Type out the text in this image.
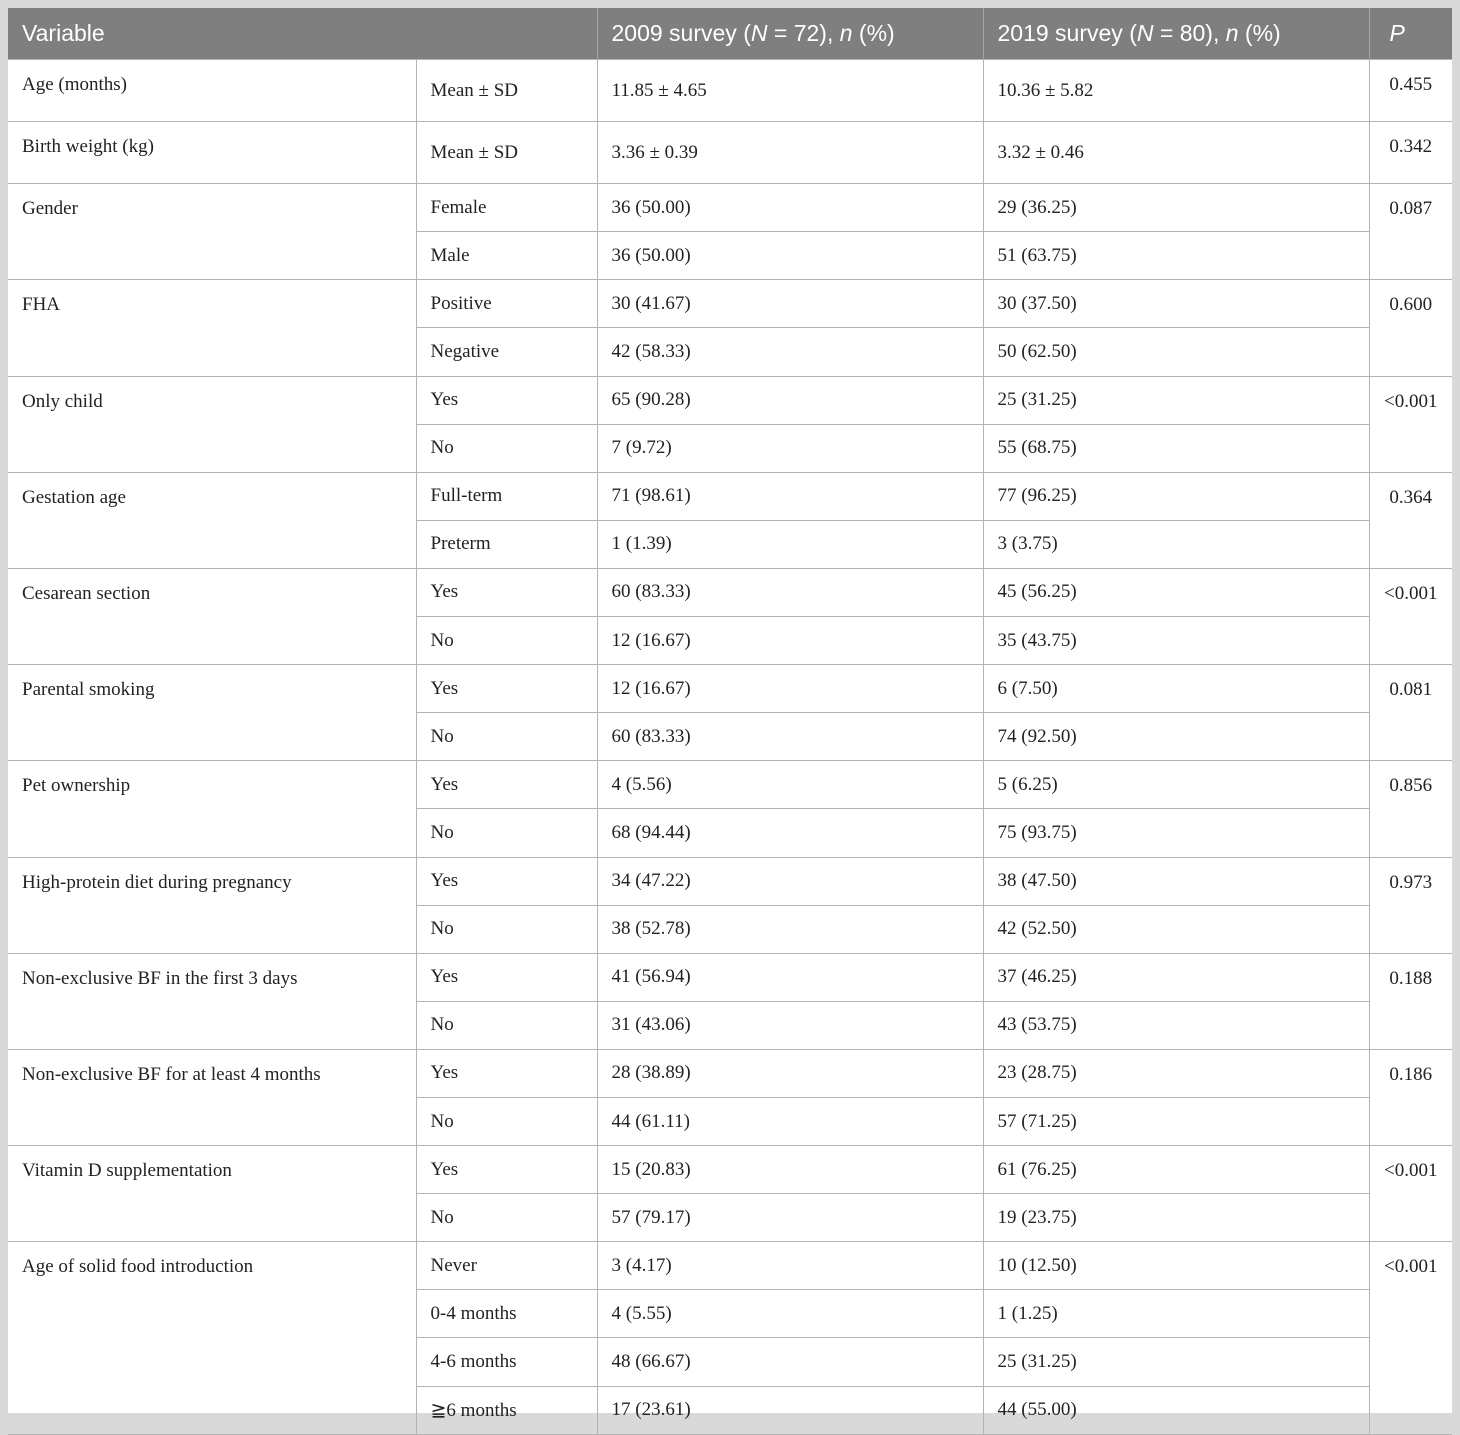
Variable		2009 survey (N = 72), n (%)	2019 survey (N = 80), n (%)	P
Age (months)	Mean ± SD	11.85 ± 4.65	10.36 ± 5.82	0.455
Birth weight (kg)	Mean ± SD	3.36 ± 0.39	3.32 ± 0.46	0.342
Gender	Female	36 (50.00)	29 (36.25)	0.087
	Male	36 (50.00)	51 (63.75)	
FHA	Positive	30 (41.67)	30 (37.50)	0.600
	Negative	42 (58.33)	50 (62.50)	
Only child	Yes	65 (90.28)	25 (31.25)	<0.001
	No	7 (9.72)	55 (68.75)	
Gestation age	Full-term	71 (98.61)	77 (96.25)	0.364
	Preterm	1 (1.39)	3 (3.75)	
Cesarean section	Yes	60 (83.33)	45 (56.25)	<0.001
	No	12 (16.67)	35 (43.75)	
Parental smoking	Yes	12 (16.67)	6 (7.50)	0.081
	No	60 (83.33)	74 (92.50)	
Pet ownership	Yes	4 (5.56)	5 (6.25)	0.856
	No	68 (94.44)	75 (93.75)	
High-protein diet during pregnancy	Yes	34 (47.22)	38 (47.50)	0.973
	No	38 (52.78)	42 (52.50)	
Non-exclusive BF in the first 3 days	Yes	41 (56.94)	37 (46.25)	0.188
	No	31 (43.06)	43 (53.75)	
Non-exclusive BF for at least 4 months	Yes	28 (38.89)	23 (28.75)	0.186
	No	44 (61.11)	57 (71.25)	
Vitamin D supplementation	Yes	15 (20.83)	61 (76.25)	<0.001
	No	57 (79.17)	19 (23.75)	
Age of solid food introduction	Never	3 (4.17)	10 (12.50)	<0.001
	0-4 months	4 (5.55)	1 (1.25)	
	4-6 months	48 (66.67)	25 (31.25)	
	≧6 months	17 (23.61)	44 (55.00)	
